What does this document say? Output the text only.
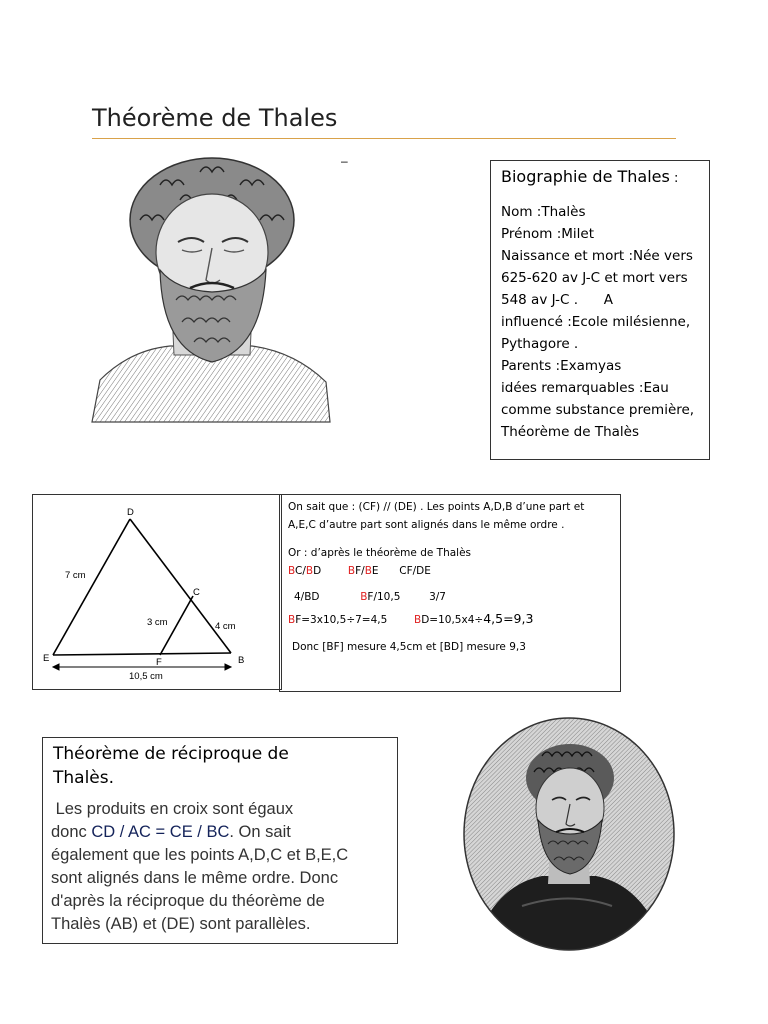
Théorème de Thales
–
Biographie de Thales :
Nom :Thalès
Prénom :Milet
Naissance et mort :Née vers
625-620 av J-C et mort vers
548 av J-C .      A
influencé :Ecole milésienne,
Pythagore .
Parents :Examyas
idées remarquables :Eau
comme substance première,
Théorème de Thalès
D
C
E	F	B
7 cm
3 cm	4 cm
10,5 cm
On sait que : (CF) // (DE) . Les points A,D,B d’une part et
A,E,C d’autre part sont alignés dans le même ordre .
Or : d’après le théorème de Thalès
BC/BD	BF/BE CF/DE
4/BD	BF/10,5	3/7
BF=3x10,5÷7=4,5	BD=10,5x4÷4,5=9,3
Donc [BF] mesure 4,5cm et [BD] mesure 9,3
Théorème de réciproque de
Thalès.
Les produits en croix sont égaux
donc CD / AC = CE / BC. On sait
également que les points A,D,C et B,E,C
sont alignés dans le même ordre. Donc
d'après la réciproque du théorème de
Thalès (AB) et (DE) sont parallèles.
